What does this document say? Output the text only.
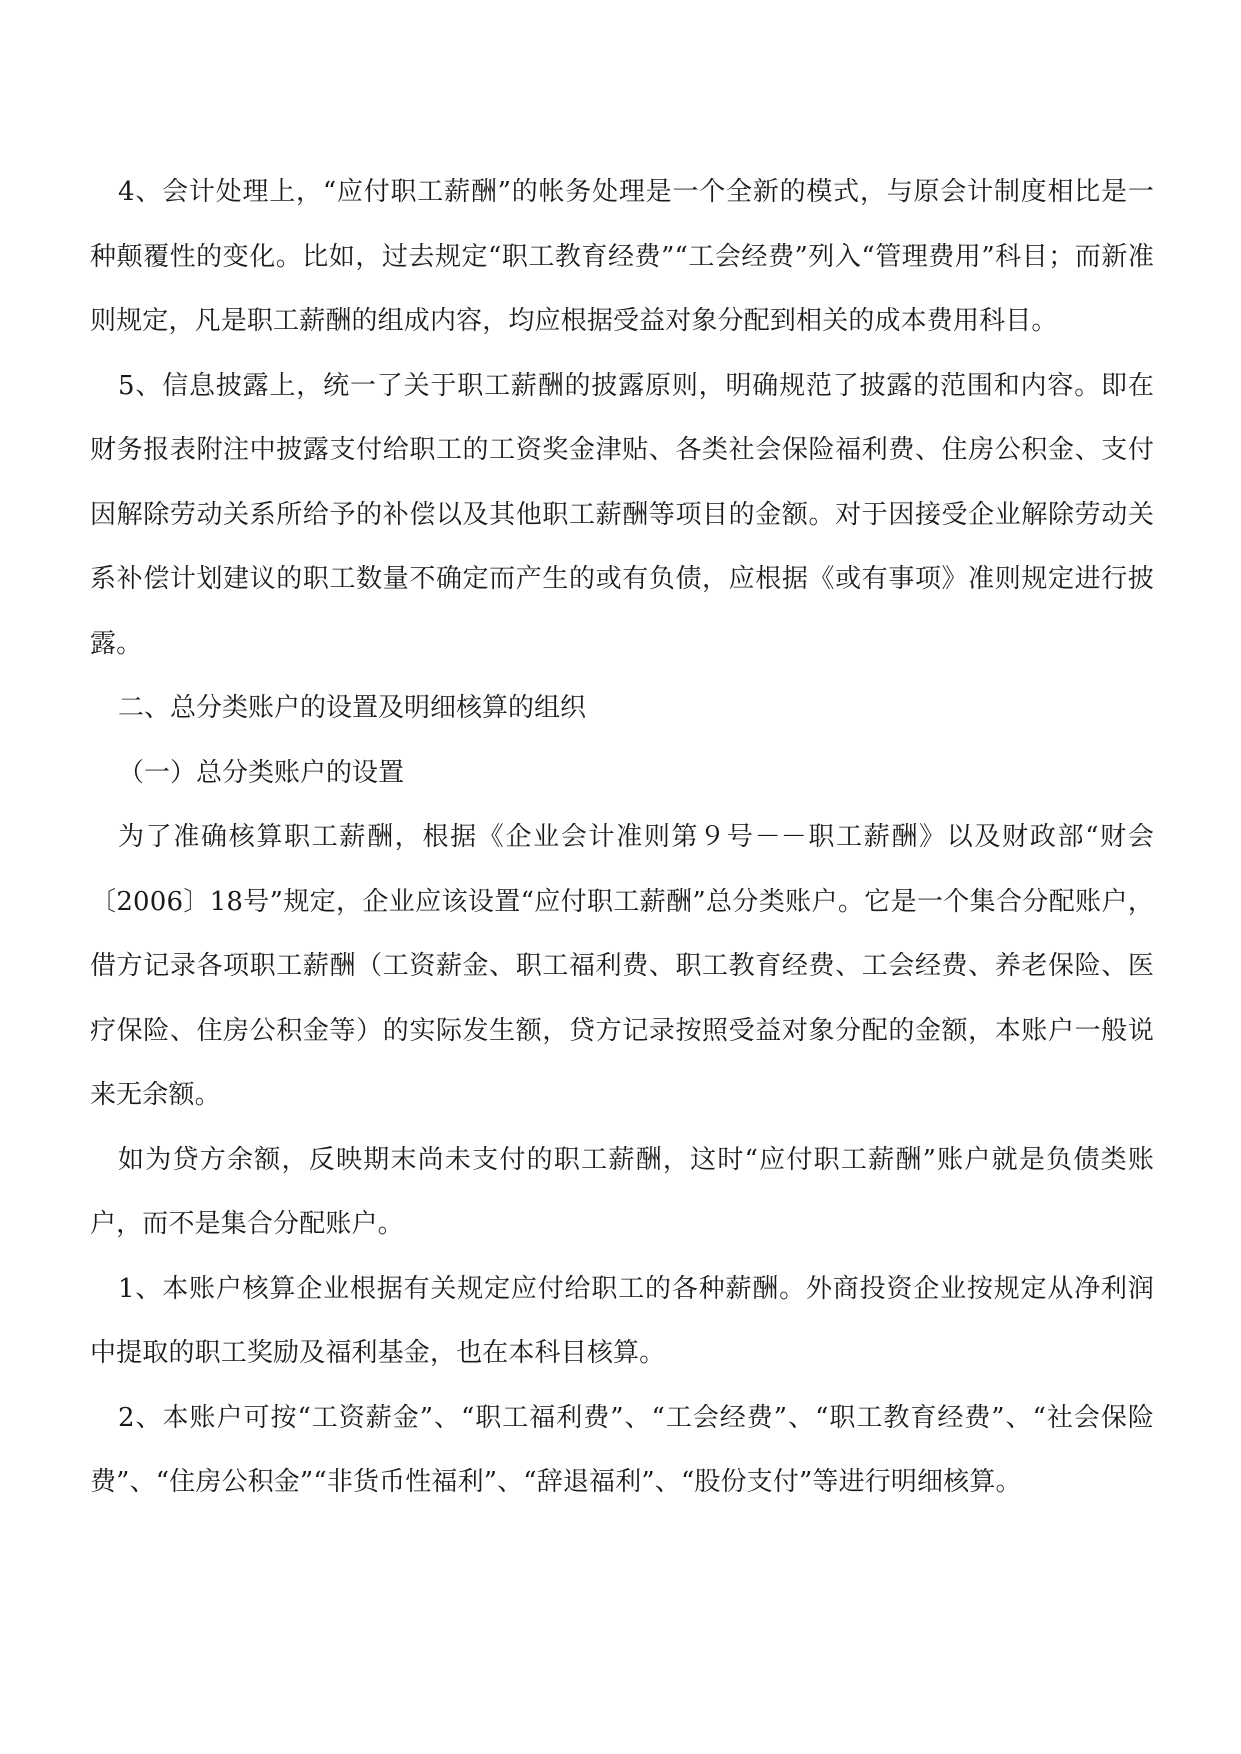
4、会计处理上，“应付职工薪酬”的帐务处理是一个全新的模式，与原会计制度相比是一种颠覆性的变化。比如，过去规定“职工教育经费”“工会经费”列入“管理费用”科目；而新准则规定，凡是职工薪酬的组成内容，均应根据受益对象分配到相关的成本费用科目。

5、信息披露上，统一了关于职工薪酬的披露原则，明确规范了披露的范围和内容。即在财务报表附注中披露支付给职工的工资奖金津贴、各类社会保险福利费、住房公积金、支付因解除劳动关系所给予的补偿以及其他职工薪酬等项目的金额。对于因接受企业解除劳动关系补偿计划建议的职工数量不确定而产生的或有负债，应根据《或有事项》准则规定进行披露。

二、总分类账户的设置及明细核算的组织

（一）总分类账户的设置

为了准确核算职工薪酬，根据《企业会计准则第９号－－职工薪酬》以及财政部“财会〔2006〕18号”规定，企业应该设置“应付职工薪酬”总分类账户。它是一个集合分配账户，借方记录各项职工薪酬（工资薪金、职工福利费、职工教育经费、工会经费、养老保险、医疗保险、住房公积金等）的实际发生额，贷方记录按照受益对象分配的金额，本账户一般说来无余额。

如为贷方余额，反映期末尚未支付的职工薪酬，这时“应付职工薪酬”账户就是负债类账户，而不是集合分配账户。

1、本账户核算企业根据有关规定应付给职工的各种薪酬。外商投资企业按规定从净利润中提取的职工奖励及福利基金，也在本科目核算。

2、本账户可按“工资薪金”、“职工福利费”、“工会经费”、“职工教育经费”、“社会保险费”、“住房公积金”“非货币性福利”、“辞退福利”、“股份支付”等进行明细核算。
